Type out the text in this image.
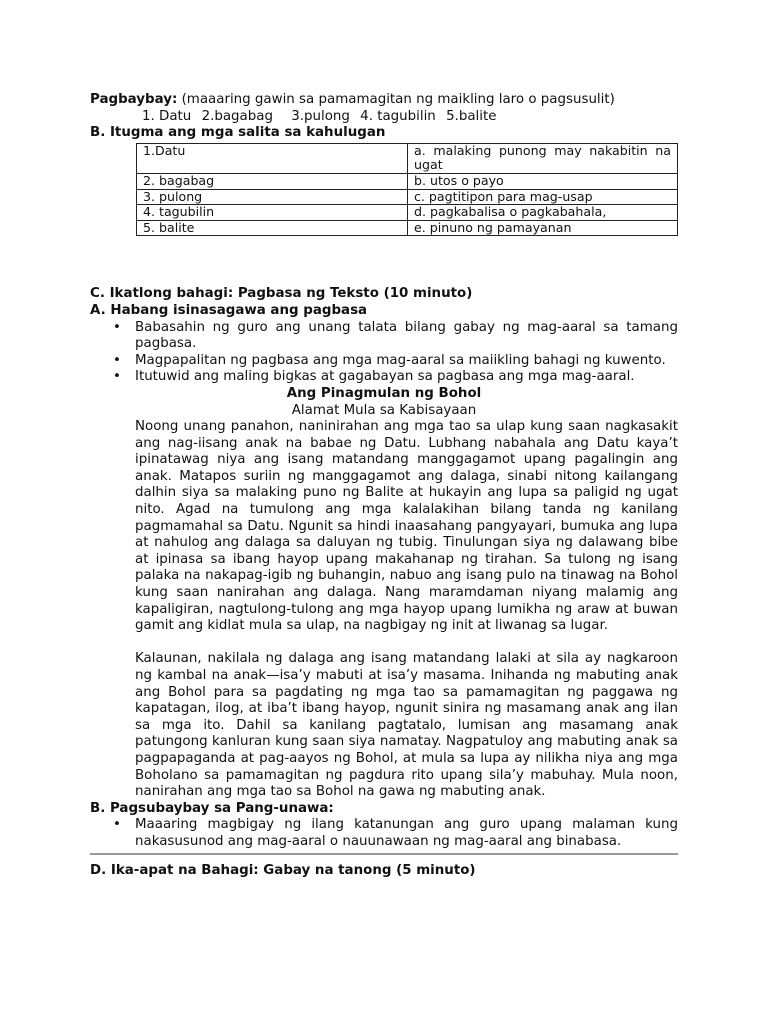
Pagbaybay: (maaaring gawin sa pamamagitan ng maikling laro o pagsusulit)
1. Datu 2.bagabag 3.pulong 4. tagubilin 5.balite
B. Itugma ang mga salita sa kahulugan
1.Datu	a. malaking punong may nakabitin na ugat
2. bagabag	b. utos o payo
3. pulong	c. pagtitipon para mag-usap
4. tagubilin	d. pagkabalisa o pagkabahala,
5. balite	e. pinuno ng pamayanan
C. Ikatlong bahagi: Pagbasa ng Teksto (10 minuto)
A. Habang isinasagawa ang pagbasa
• Babasahin ng guro ang unang talata bilang gabay ng mag-aaral sa tamang pagbasa.
• Magpapalitan ng pagbasa ang mga mag-aaral sa maiikling bahagi ng kuwento.
• Itutuwid ang maling bigkas at gagabayan sa pagbasa ang mga mag-aaral.
Ang Pinagmulan ng Bohol
Alamat Mula sa Kabisayaan

Noong unang panahon, naninirahan ang mga tao sa ulap kung saan nagkasakit ang nag-iisang anak na babae ng Datu. Lubhang nabahala ang Datu kaya’t ipinatawag niya ang isang matandang manggagamot upang pagalingin ang anak. Matapos suriin ng manggagamot ang dalaga, sinabi nitong kailangang dalhin siya sa malaking puno ng Balite at hukayin ang lupa sa paligid ng ugat nito. Agad na tumulong ang mga kalalakihan bilang tanda ng kanilang pagmamahal sa Datu. Ngunit sa hindi inaasahang pangyayari, bumuka ang lupa at nahulog ang dalaga sa daluyan ng tubig. Tinulungan siya ng dalawang bibe at ipinasa sa ibang hayop upang makahanap ng tirahan. Sa tulong ng isang palaka na nakapag-igib ng buhangin, nabuo ang isang pulo na tinawag na Bohol kung saan nanirahan ang dalaga. Nang maramdaman niyang malamig ang kapaligiran, nagtulong-tulong ang mga hayop upang lumikha ng araw at buwan gamit ang kidlat mula sa ulap, na nagbigay ng init at liwanag sa lugar.

Kalaunan, nakilala ng dalaga ang isang matandang lalaki at sila ay nagkaroon ng kambal na anak—isa’y mabuti at isa’y masama. Inihanda ng mabuting anak ang Bohol para sa pagdating ng mga tao sa pamamagitan ng paggawa ng kapatagan, ilog, at iba’t ibang hayop, ngunit sinira ng masamang anak ang ilan sa mga ito. Dahil sa kanilang pagtatalo, lumisan ang masamang anak patungong kanluran kung saan siya namatay. Nagpatuloy ang mabuting anak sa pagpapaganda at pag-aayos ng Bohol, at mula sa lupa ay nilikha niya ang mga Boholano sa pamamagitan ng pagdura rito upang sila’y mabuhay. Mula noon, nanirahan ang mga tao sa Bohol na gawa ng mabuting anak.

B. Pagsubaybay sa Pang-unawa:
• Maaaring magbigay ng ilang katanungan ang guro upang malaman kung nakasusunod ang mag-aaral o nauunawaan ng mag-aaral ang binabasa.
D. Ika-apat na Bahagi: Gabay na tanong (5 minuto)
